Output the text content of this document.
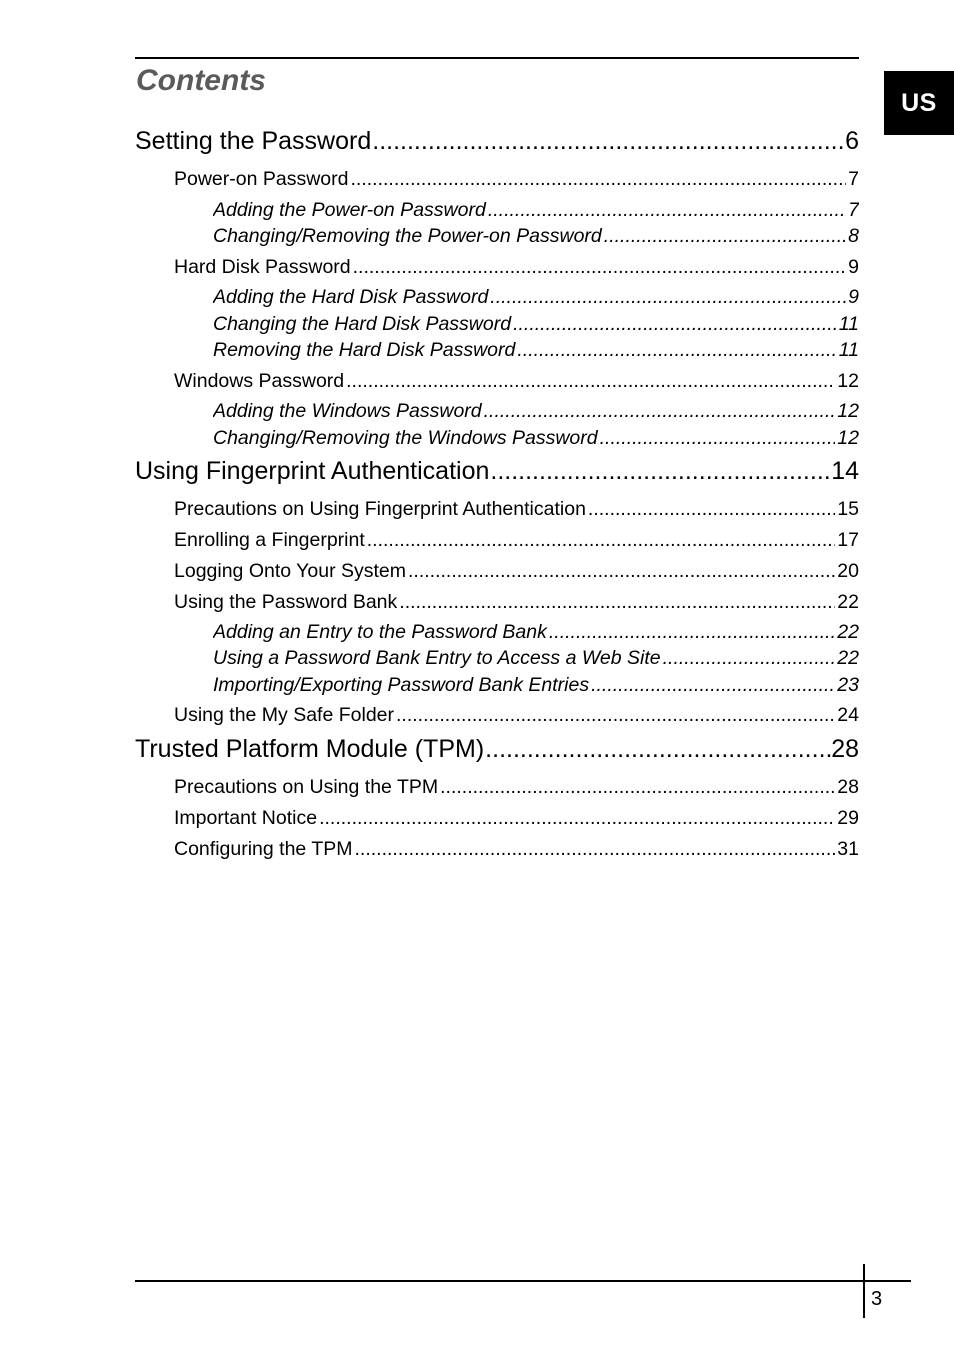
Contents
US
Setting the Password .....	6
Power-on Password .....	7
Adding the Power-on Password .....	7
Changing/Removing the Power-on Password .....	8
Hard Disk Password .....	9
Adding the Hard Disk Password .....	9
Changing the Hard Disk Password .....	11
Removing the Hard Disk Password .....	11
Windows Password .....	12
Adding the Windows Password .....	12
Changing/Removing the Windows Password .....	12
Using Fingerprint Authentication .....	14
Precautions on Using Fingerprint Authentication .....	15
Enrolling a Fingerprint .....	17
Logging Onto Your System .....	20
Using the Password Bank .....	22
Adding an Entry to the Password Bank .....	22
Using a Password Bank Entry to Access a Web Site .....	22
Importing/Exporting Password Bank Entries .....	23
Using the My Safe Folder .....	24
Trusted Platform Module (TPM) .....	28
Precautions on Using the TPM .....	28
Important Notice .....	29
Configuring the TPM .....	31
3
